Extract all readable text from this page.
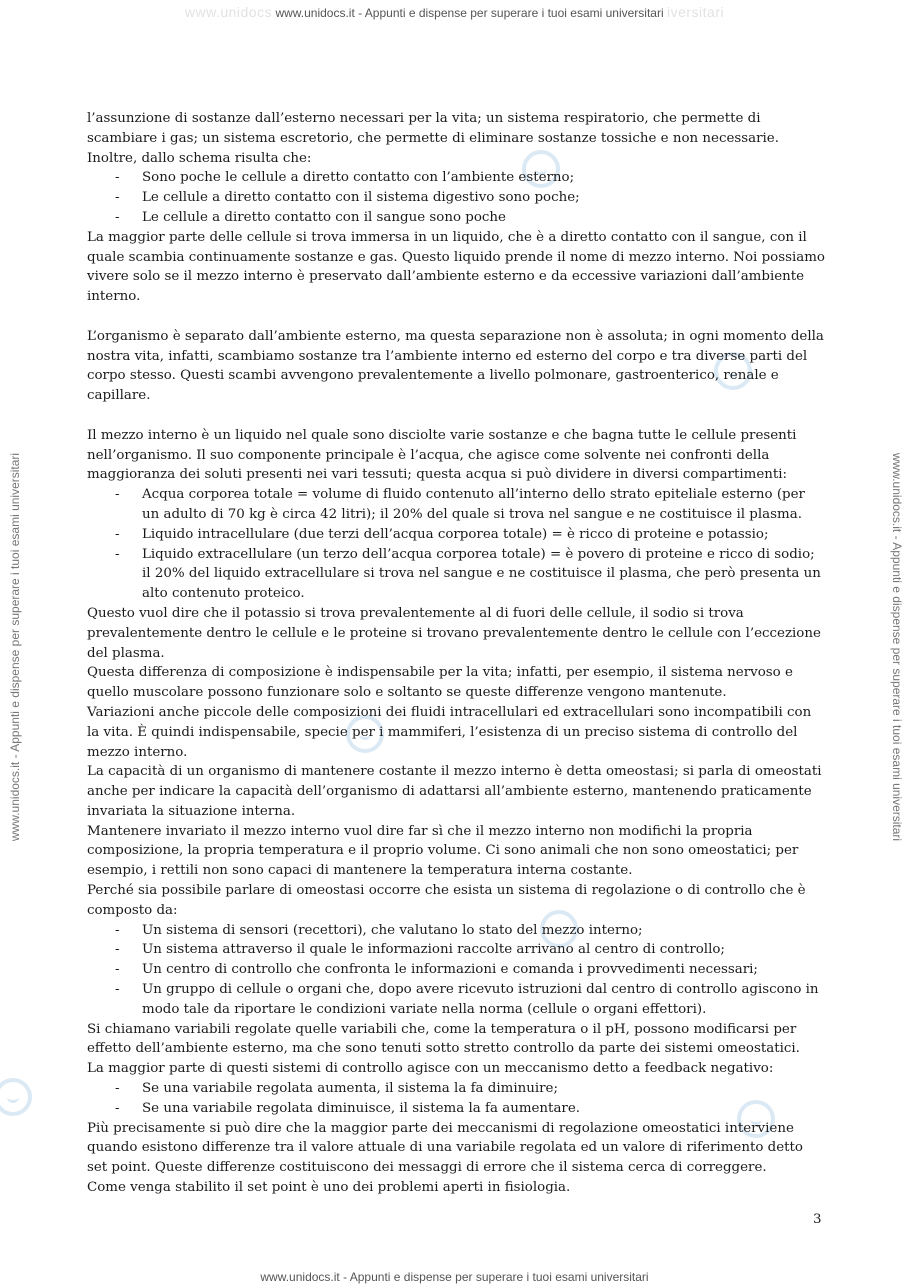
www.unidocs www.unidocs.it - Appunti e dispense per superare i tuoi esami universitari iversitari
www.unidocs.it - Appunti e dispense per superare i tuoi esami universitari	www.unidocs.it - Appunti e dispense per superare i tuoi esami universitari

l’assunzione di sostanze dall’esterno necessari per la vita; un sistema respiratorio, che permette di scambiare i gas; un sistema escretorio, che permette di eliminare sostanze tossiche e non necessarie.

Inoltre, dallo schema risulta che:

- Sono poche le cellule a diretto contatto con l’ambiente esterno;
- Le cellule a diretto contatto con il sistema digestivo sono poche;
- Le cellule a diretto contatto con il sangue sono poche

La maggior parte delle cellule si trova immersa in un liquido, che è a diretto contatto con il sangue, con il quale scambia continuamente sostanze e gas. Questo liquido prende il nome di mezzo interno. Noi possiamo vivere solo se il mezzo interno è preservato dall’ambiente esterno e da eccessive variazioni dall’ambiente interno.

L’organismo è separato dall’ambiente esterno, ma questa separazione non è assoluta; in ogni momento della nostra vita, infatti, scambiamo sostanze tra l’ambiente interno ed esterno del corpo e tra diverse parti del corpo stesso. Questi scambi avvengono prevalentemente a livello polmonare, gastroenterico, renale e capillare.

Il mezzo interno è un liquido nel quale sono disciolte varie sostanze e che bagna tutte le cellule presenti nell’organismo. Il suo componente principale è l’acqua, che agisce come solvente nei confronti della maggioranza dei soluti presenti nei vari tessuti; questa acqua si può dividere in diversi compartimenti:

- Acqua corporea totale = volume di fluido contenuto all’interno dello strato epiteliale esterno (per un adulto di 70 kg è circa 42 litri); il 20% del quale si trova nel sangue e ne costituisce il plasma.
- Liquido intracellulare (due terzi dell’acqua corporea totale) = è ricco di proteine e potassio;
- Liquido extracellulare (un terzo dell’acqua corporea totale) = è povero di proteine e ricco di sodio; il 20% del liquido extracellulare si trova nel sangue e ne costituisce il plasma, che però presenta un alto contenuto proteico.

Questo vuol dire che il potassio si trova prevalentemente al di fuori delle cellule, il sodio si trova prevalentemente dentro le cellule e le proteine si trovano prevalentemente dentro le cellule con l’eccezione del plasma.

Questa differenza di composizione è indispensabile per la vita; infatti, per esempio, il sistema nervoso e quello muscolare possono funzionare solo e soltanto se queste differenze vengono mantenute.

Variazioni anche piccole delle composizioni dei fluidi intracellulari ed extracellulari sono incompatibili con la vita. È quindi indispensabile, specie per i mammiferi, l’esistenza di un preciso sistema di controllo del mezzo interno.

La capacità di un organismo di mantenere costante il mezzo interno è detta omeostasi; si parla di omeostati anche per indicare la capacità dell’organismo di adattarsi all’ambiente esterno, mantenendo praticamente invariata la situazione interna.

Mantenere invariato il mezzo interno vuol dire far sì che il mezzo interno non modifichi la propria composizione, la propria temperatura e il proprio volume. Ci sono animali che non sono omeostatici; per esempio, i rettili non sono capaci di mantenere la temperatura interna costante.

Perché sia possibile parlare di omeostasi occorre che esista un sistema di regolazione o di controllo che è composto da:

- Un sistema di sensori (recettori), che valutano lo stato del mezzo interno;
- Un sistema attraverso il quale le informazioni raccolte arrivano al centro di controllo;
- Un centro di controllo che confronta le informazioni e comanda i provvedimenti necessari;
- Un gruppo di cellule o organi che, dopo avere ricevuto istruzioni dal centro di controllo agiscono in modo tale da riportare le condizioni variate nella norma (cellule o organi effettori).

Si chiamano variabili regolate quelle variabili che, come la temperatura o il pH, possono modificarsi per effetto dell’ambiente esterno, ma che sono tenuti sotto stretto controllo da parte dei sistemi omeostatici.

La maggior parte di questi sistemi di controllo agisce con un meccanismo detto a feedback negativo:

- Se una variabile regolata aumenta, il sistema la fa diminuire;
- Se una variabile regolata diminuisce, il sistema la fa aumentare.

Più precisamente si può dire che la maggior parte dei meccanismi di regolazione omeostatici interviene quando esistono differenze tra il valore attuale di una variabile regolata ed un valore di riferimento detto set point. Queste differenze costituiscono dei messaggi di errore che il sistema cerca di correggere.

Come venga stabilito il set point è uno dei problemi aperti in fisiologia.

3
www.unidocs.it - Appunti e dispense per superare i tuoi esami universitari
